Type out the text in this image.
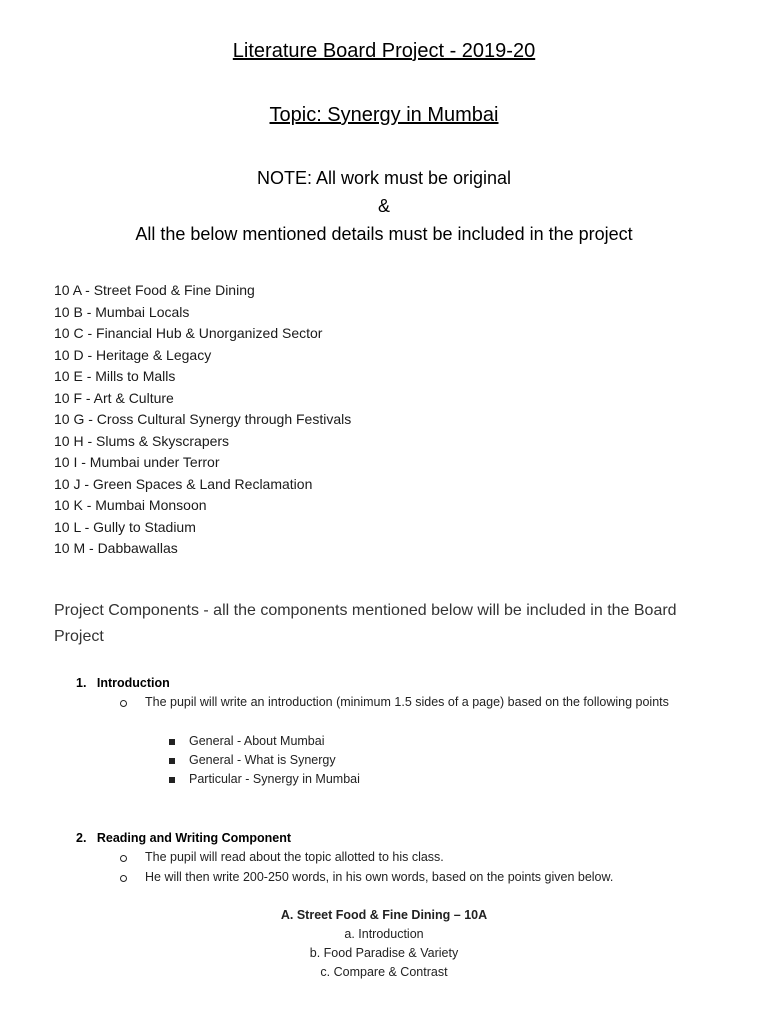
Literature Board Project - 2019-20
Topic: Synergy in Mumbai
NOTE: All work must be original
&
All the below mentioned details must be included in the project
10 A - Street Food & Fine Dining
10 B - Mumbai Locals
10 C - Financial Hub & Unorganized Sector
10 D - Heritage & Legacy
10 E - Mills to Malls
10 F - Art & Culture
10 G - Cross Cultural Synergy through Festivals
10 H - Slums & Skyscrapers
10 I - Mumbai under Terror
10 J - Green Spaces & Land Reclamation
10 K - Mumbai Monsoon
10 L - Gully to Stadium
10 M - Dabbawallas
Project Components - all the components mentioned below will be included in the Board Project
1. Introduction
The pupil will write an introduction (minimum 1.5 sides of a page) based on the following points
General - About Mumbai
General - What is Synergy
Particular - Synergy in Mumbai
2. Reading and Writing Component
The pupil will read about the topic allotted to his class.
He will then write 200-250 words, in his own words, based on the points given below.
A. Street Food & Fine Dining – 10A
a. Introduction
b. Food Paradise & Variety
c. Compare & Contrast
